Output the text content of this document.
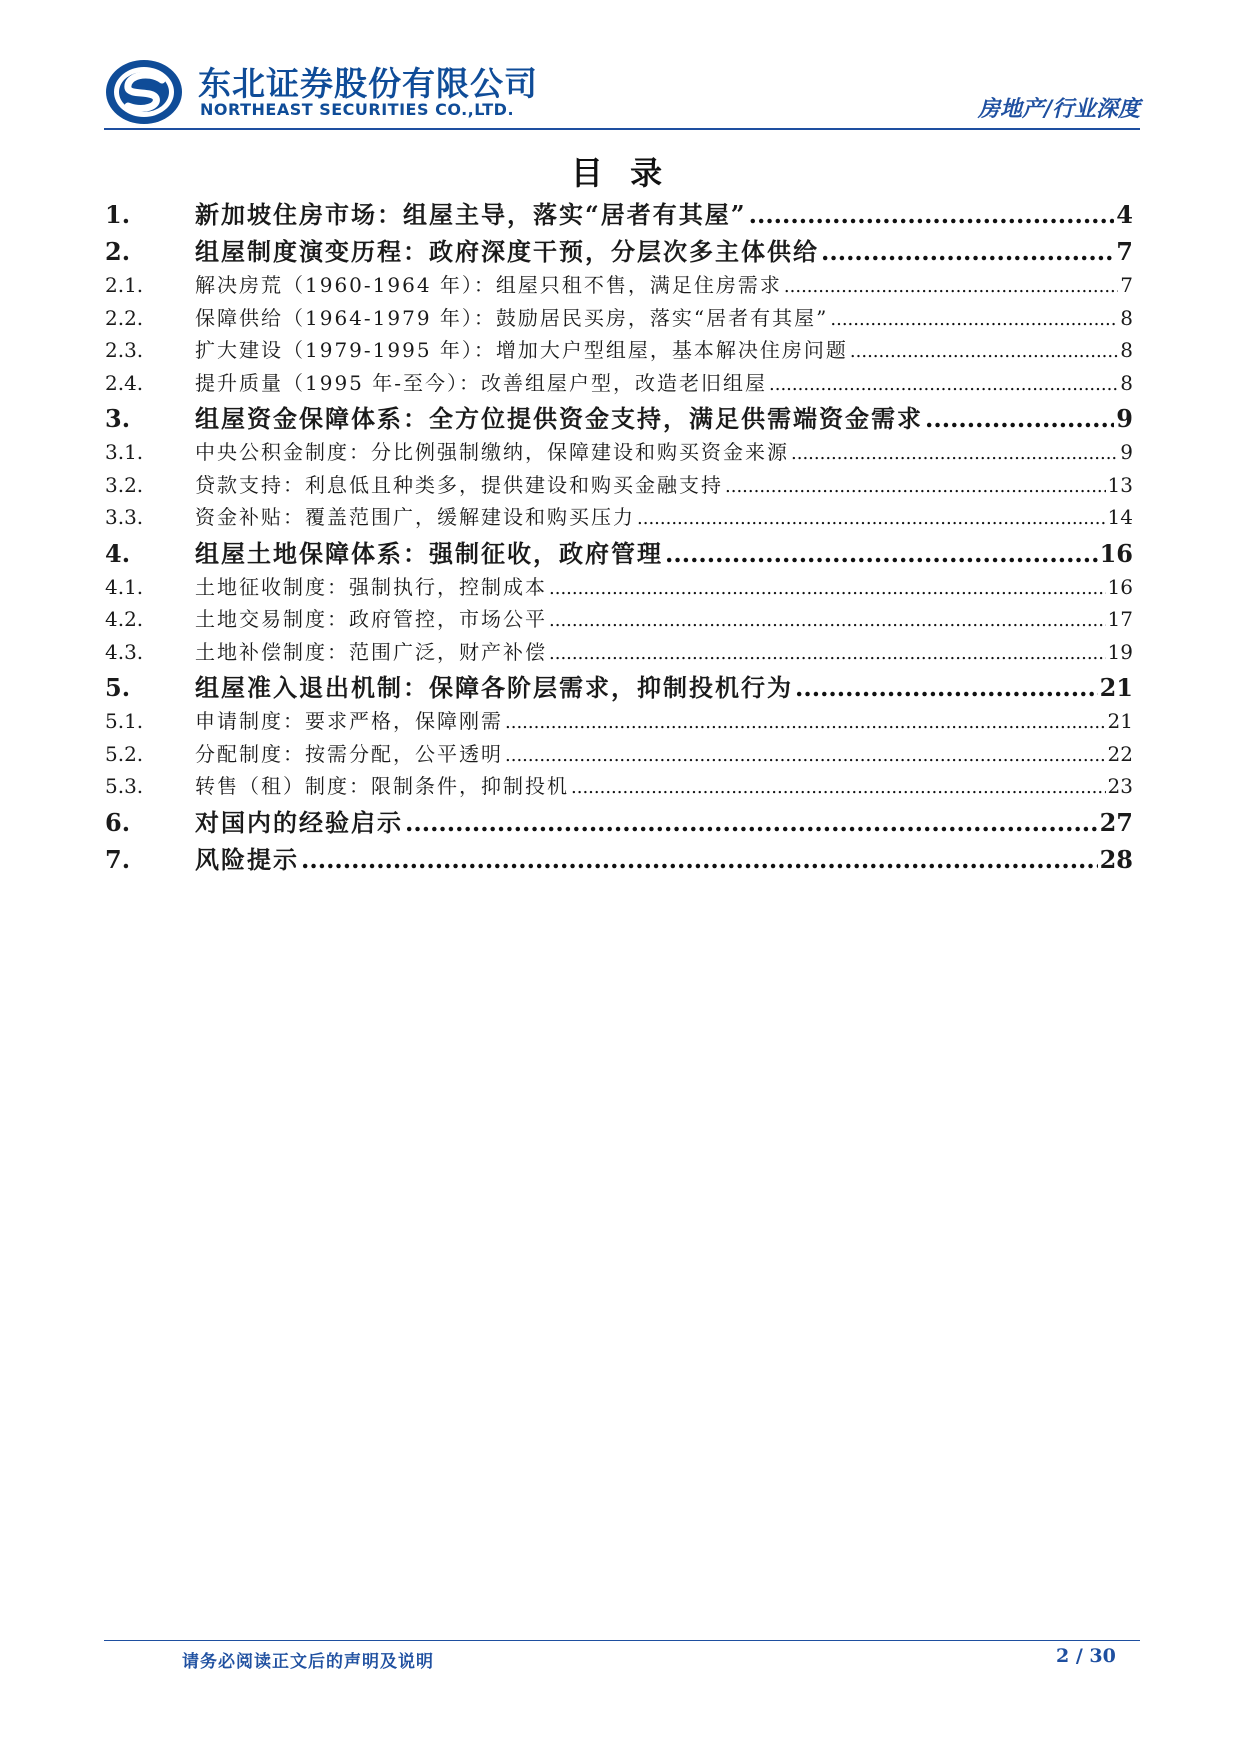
东北证券股份有限公司
NORTHEAST SECURITIES CO.,LTD.	房地产/行业深度
目 录
1.	新加坡住房市场：组屋主导，落实“居者有其屋” .....	4
2.	组屋制度演变历程：政府深度干预，分层次多主体供给 .....	7
2.1.	解决房荒（1960-1964 年）：组屋只租不售，满足住房需求 .....	7
2.2.	保障供给（1964-1979 年）：鼓励居民买房，落实“居者有其屋” .....	8
2.3.	扩大建设（1979-1995 年）：增加大户型组屋，基本解决住房问题 .....	8
2.4.	提升质量（1995 年-至今）：改善组屋户型，改造老旧组屋 .....	8
3.	组屋资金保障体系：全方位提供资金支持，满足供需端资金需求 .....	9
3.1.	中央公积金制度：分比例强制缴纳，保障建设和购买资金来源 .....	9
3.2.	贷款支持：利息低且种类多，提供建设和购买金融支持 .....	13
3.3.	资金补贴：覆盖范围广，缓解建设和购买压力 .....	14
4.	组屋土地保障体系：强制征收，政府管理 .....	16
4.1.	土地征收制度：强制执行，控制成本 .....	16
4.2.	土地交易制度：政府管控，市场公平 .....	17
4.3.	土地补偿制度：范围广泛，财产补偿 .....	19
5.	组屋准入退出机制：保障各阶层需求，抑制投机行为 .....	21
5.1.	申请制度：要求严格，保障刚需 .....	21
5.2.	分配制度：按需分配，公平透明 .....	22
5.3.	转售（租）制度：限制条件，抑制投机 .....	23
6.	对国内的经验启示 .....	27
7.	风险提示 .....	28
请务必阅读正文后的声明及说明	2 / 30
